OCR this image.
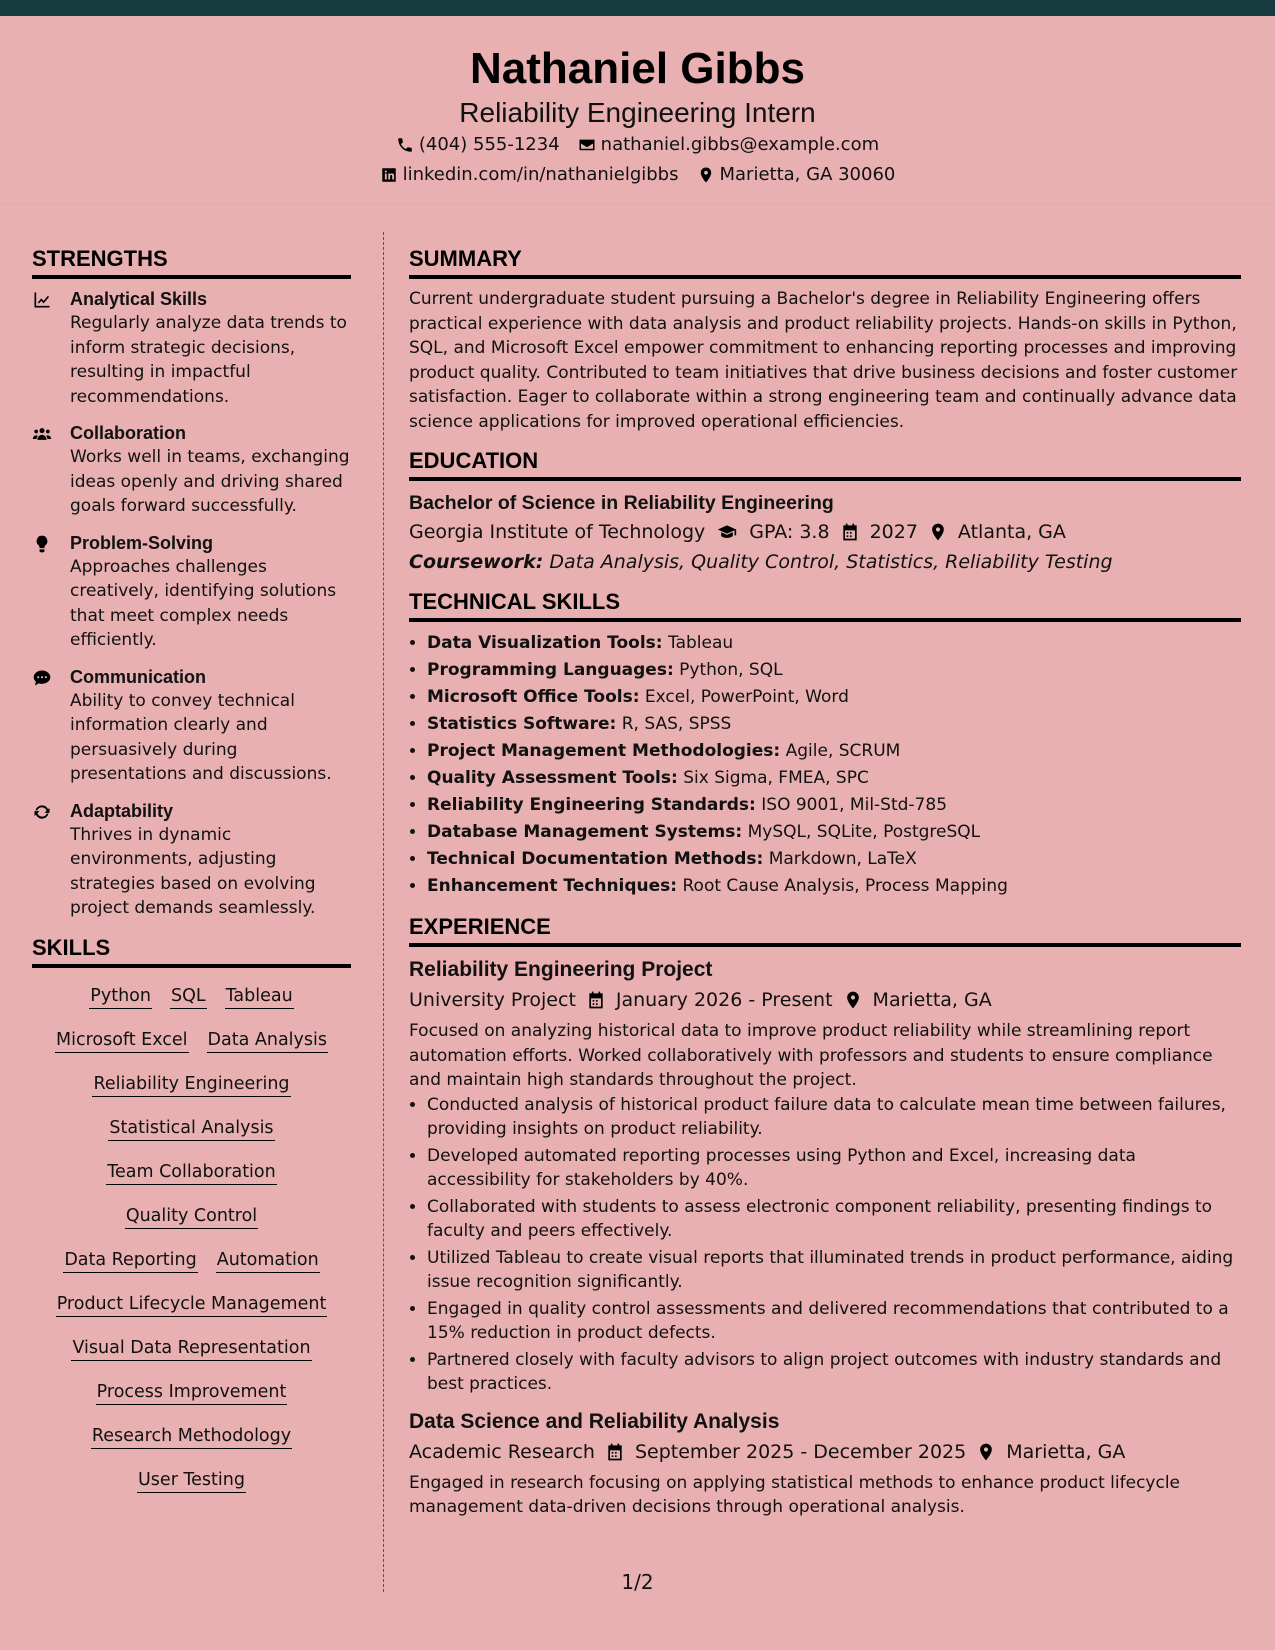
Nathaniel Gibbs
Reliability Engineering Intern
(404) 555-1234 nathaniel.gibbs@example.com
linkedin.com/in/nathanielgibbs Marietta, GA 30060
STRENGTHS
Analytical Skills
Regularly analyze data trends to inform strategic decisions, resulting in impactful recommendations.
Collaboration
Works well in teams, exchanging ideas openly and driving shared goals forward successfully.
Problem-Solving
Approaches challenges creatively, identifying solutions that meet complex needs efficiently.
Communication
Ability to convey technical information clearly and persuasively during presentations and discussions.
Adaptability
Thrives in dynamic environments, adjusting strategies based on evolving project demands seamlessly.
SKILLS
Python SQL Tableau
Microsoft Excel Data Analysis
Reliability Engineering
Statistical Analysis
Team Collaboration
Quality Control
Data Reporting Automation
Product Lifecycle Management
Visual Data Representation
Process Improvement
Research Methodology
User Testing
SUMMARY
Current undergraduate student pursuing a Bachelor's degree in Reliability Engineering offers practical experience with data analysis and product reliability projects. Hands-on skills in Python, SQL, and Microsoft Excel empower commitment to enhancing reporting processes and improving product quality. Contributed to team initiatives that drive business decisions and foster customer satisfaction. Eager to collaborate within a strong engineering team and continually advance data science applications for improved operational efficiencies.
EDUCATION
Bachelor of Science in Reliability Engineering
Georgia Institute of Technology GPA: 3.8 2027 Atlanta, GA
Coursework: Data Analysis, Quality Control, Statistics, Reliability Testing
TECHNICAL SKILLS
• Data Visualization Tools: Tableau
• Programming Languages: Python, SQL
• Microsoft Office Tools: Excel, PowerPoint, Word
• Statistics Software: R, SAS, SPSS
• Project Management Methodologies: Agile, SCRUM
• Quality Assessment Tools: Six Sigma, FMEA, SPC
• Reliability Engineering Standards: ISO 9001, Mil-Std-785
• Database Management Systems: MySQL, SQLite, PostgreSQL
• Technical Documentation Methods: Markdown, LaTeX
• Enhancement Techniques: Root Cause Analysis, Process Mapping
EXPERIENCE
Reliability Engineering Project
University Project January 2026 - Present Marietta, GA
Focused on analyzing historical data to improve product reliability while streamlining report automation efforts. Worked collaboratively with professors and students to ensure compliance and maintain high standards throughout the project.
• Conducted analysis of historical product failure data to calculate mean time between failures, providing insights on product reliability.
• Developed automated reporting processes using Python and Excel, increasing data accessibility for stakeholders by 40%.
• Collaborated with students to assess electronic component reliability, presenting findings to faculty and peers effectively.
• Utilized Tableau to create visual reports that illuminated trends in product performance, aiding issue recognition significantly.
• Engaged in quality control assessments and delivered recommendations that contributed to a 15% reduction in product defects.
• Partnered closely with faculty advisors to align project outcomes with industry standards and best practices.
Data Science and Reliability Analysis
Academic Research September 2025 - December 2025 Marietta, GA
Engaged in research focusing on applying statistical methods to enhance product lifecycle management data-driven decisions through operational analysis.
1/2
